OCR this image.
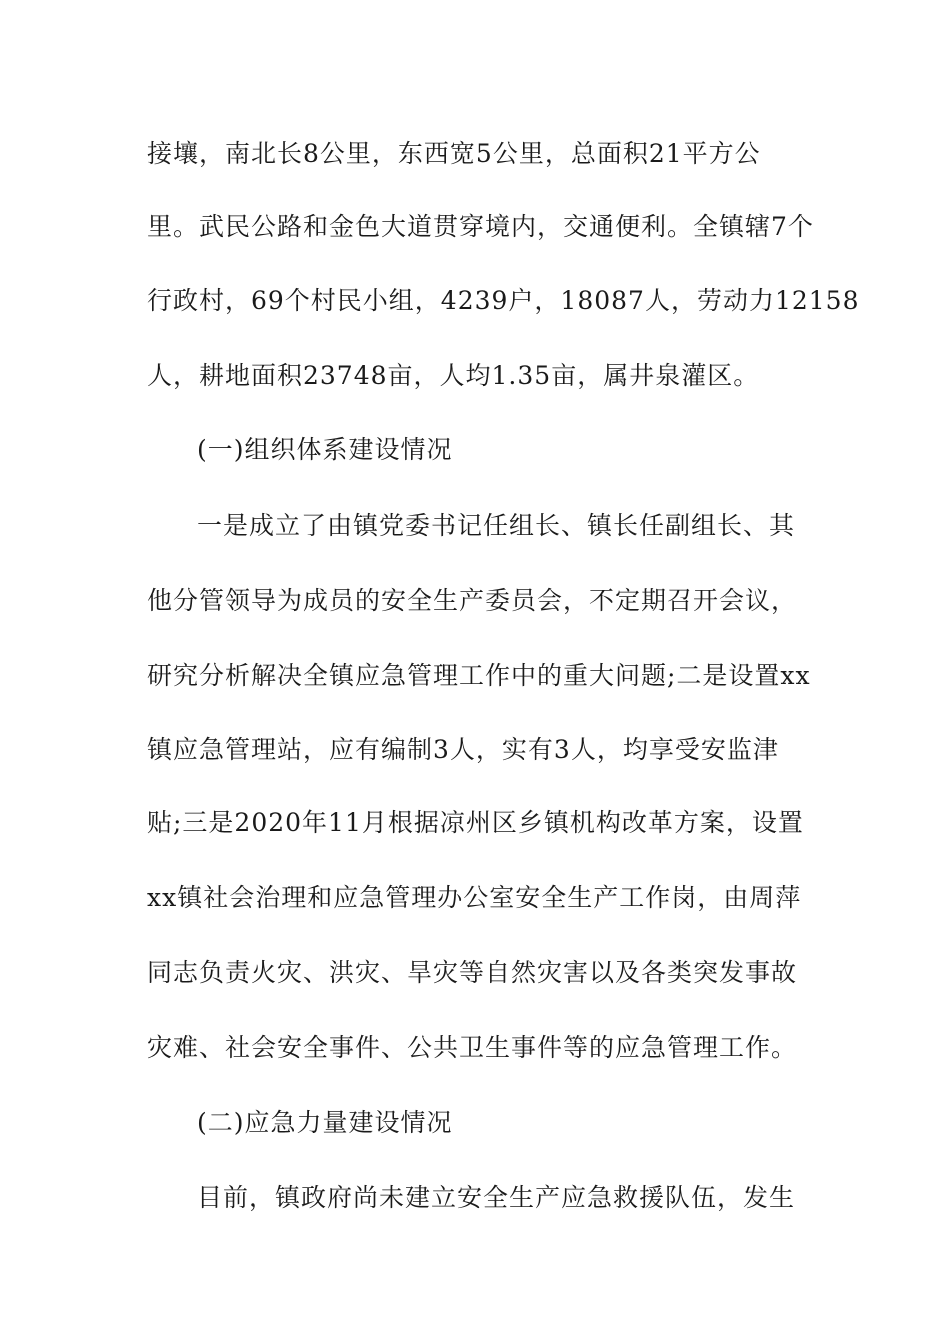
接壤，南北长8公里，东西宽5公里，总面积21平方公
里。武民公路和金色大道贯穿境内，交通便利。全镇辖7个
行政村，69个村民小组，4239户，18087人，劳动力12158
人，耕地面积23748亩，人均1.35亩，属井泉灌区。
(一)组织体系建设情况
一是成立了由镇党委书记任组长、镇长任副组长、其
他分管领导为成员的安全生产委员会，不定期召开会议，
研究分析解决全镇应急管理工作中的重大问题;二是设置xx
镇应急管理站，应有编制3人，实有3人，均享受安监津
贴;三是2020年11月根据凉州区乡镇机构改革方案，设置
xx镇社会治理和应急管理办公室安全生产工作岗，由周萍
同志负责火灾、洪灾、旱灾等自然灾害以及各类突发事故
灾难、社会安全事件、公共卫生事件等的应急管理工作。
(二)应急力量建设情况
目前，镇政府尚未建立安全生产应急救援队伍，发生
